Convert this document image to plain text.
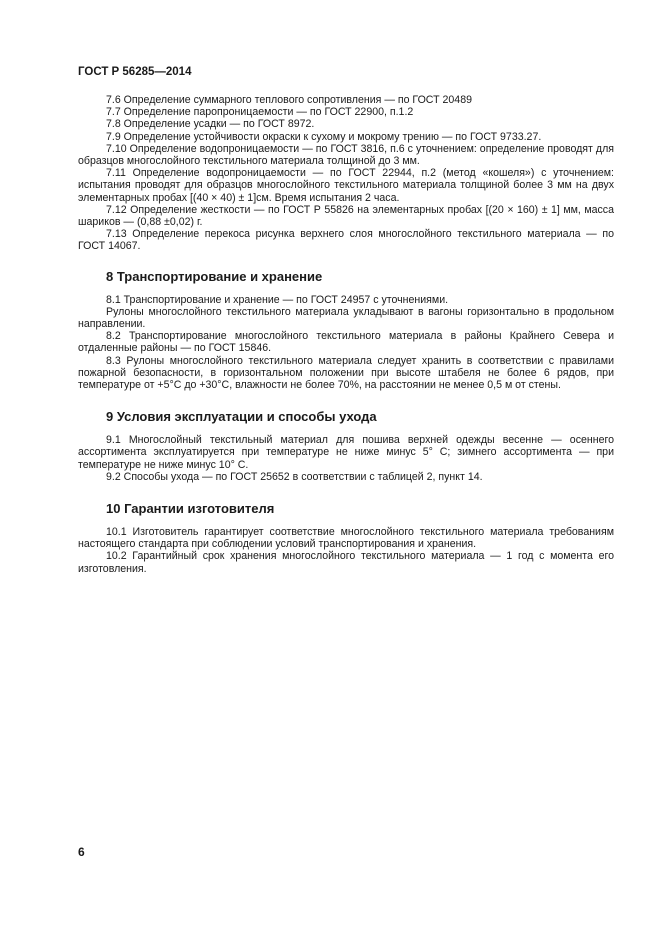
ГОСТ Р 56285—2014

7.6 Определение суммарного теплового сопротивления — по ГОСТ 20489

7.7 Определение паропроницаемости — по ГОСТ 22900, п.1.2

7.8 Определение усадки — по ГОСТ 8972.

7.9 Определение устойчивости окраски к сухому и мокрому трению — по ГОСТ 9733.27.

7.10 Определение водопроницаемости — по ГОСТ 3816, п.6 с уточнением: определение проводят для образцов многослойного текстильного материала толщиной до 3 мм.

7.11 Определение водопроницаемости — по ГОСТ 22944, п.2 (метод «кошеля») с уточнением: испытания проводят для образцов многослойного текстильного материала толщиной более 3 мм на двух элементарных пробах [(40 × 40) ± 1]см. Время испытания 2 часа.

7.12 Определение жесткости — по ГОСТ Р 55826 на элементарных пробах [(20 × 160) ± 1] мм, масса шариков — (0,88 ±0,02) г.

7.13 Определение перекоса рисунка верхнего слоя многослойного текстильного материала — по ГОСТ 14067.

8 Транспортирование и хранение

8.1 Транспортирование и хранение — по ГОСТ 24957 с уточнениями.

Рулоны многослойного текстильного материала укладывают в вагоны горизонтально в продольном направлении.

8.2 Транспортирование многослойного текстильного материала в районы Крайнего Севера и отдаленные районы — по ГОСТ 15846.

8.3 Рулоны многослойного текстильного материала следует хранить в соответствии с правилами пожарной безопасности, в горизонтальном положении при высоте штабеля не более 6 рядов, при температуре от +5°С до +30°С, влажности не более 70%, на расстоянии не менее 0,5 м от стены.

9 Условия эксплуатации и способы ухода

9.1 Многослойный текстильный материал для пошива верхней одежды весенне — осеннего ассортимента эксплуатируется при температуре не ниже минус 5° С; зимнего ассортимента — при температуре не ниже минус 10° С.

9.2 Способы ухода — по ГОСТ 25652 в соответствии с таблицей 2, пункт 14.

10 Гарантии изготовителя

10.1 Изготовитель гарантирует соответствие многослойного текстильного материала требованиям настоящего стандарта при соблюдении условий транспортирования и хранения.

10.2 Гарантийный срок хранения многослойного текстильного материала — 1 год с момента его изготовления.

6
